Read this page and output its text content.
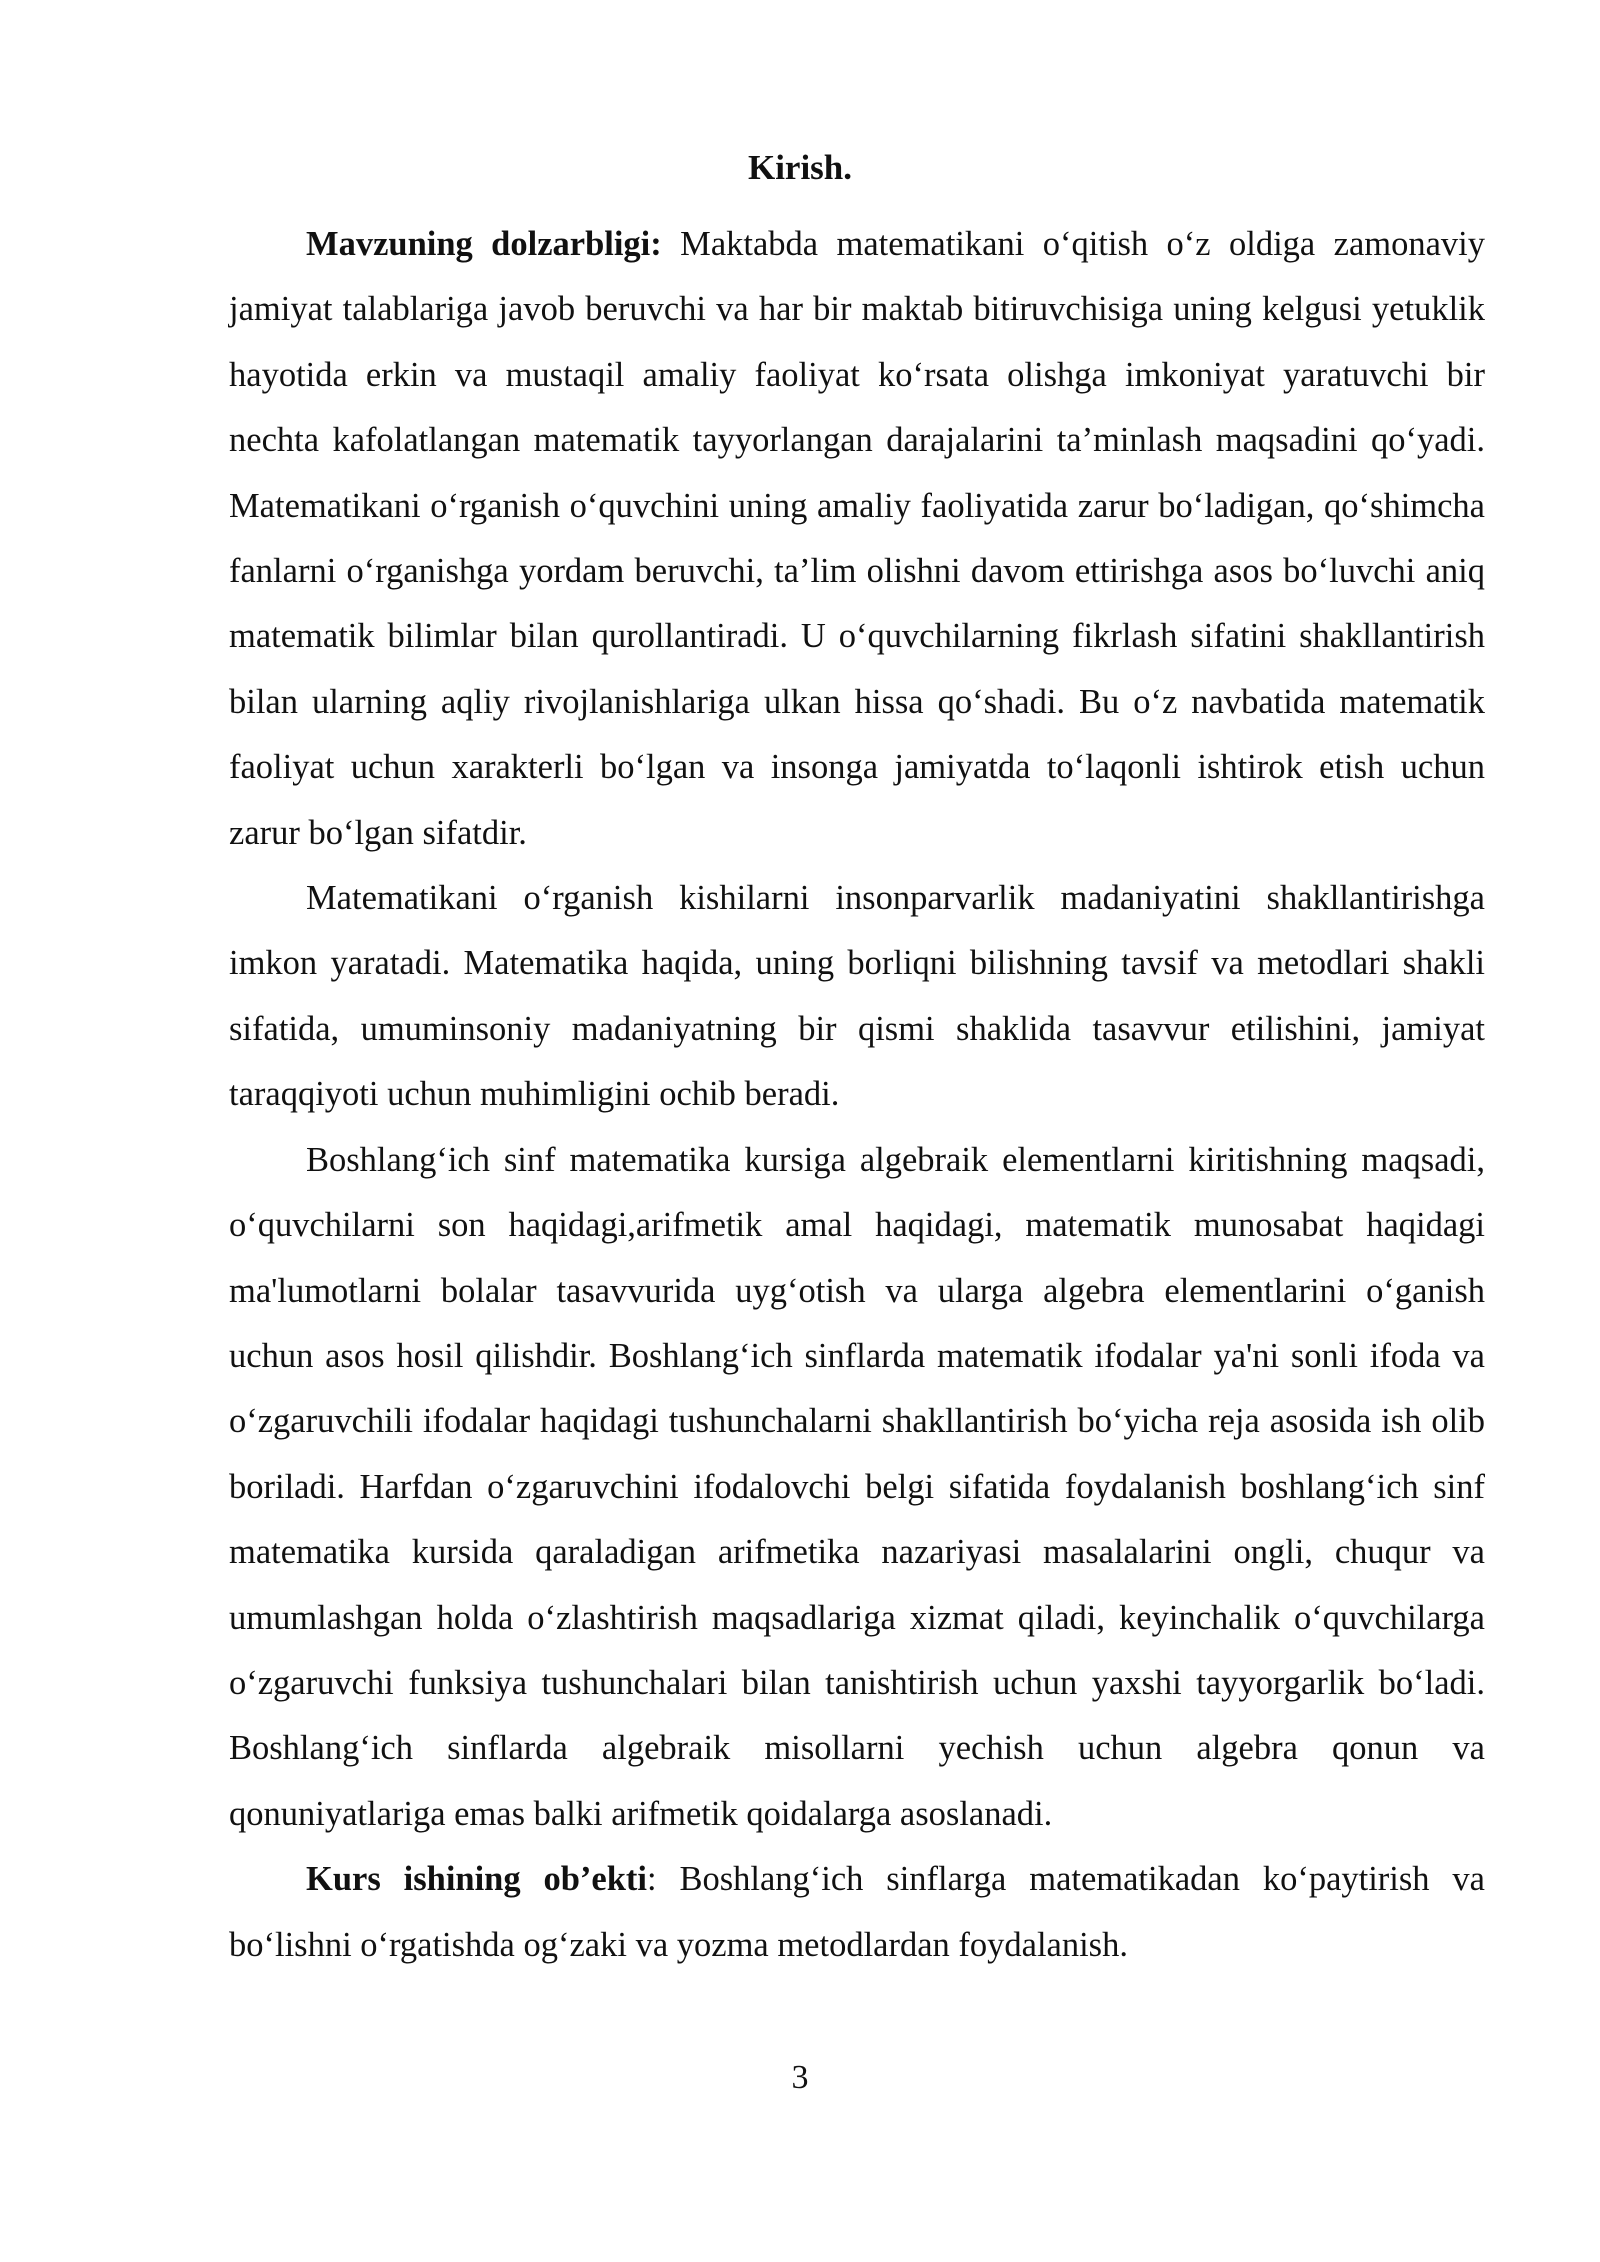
Kirish.

Mavzuning dolzarbligi: Maktabda matematikani o‘qitish o‘z oldiga zamonaviy jamiyat talablariga javob beruvchi va har bir maktab bitiruvchisiga uning kelgusi yetuklik hayotida erkin va mustaqil amaliy faoliyat ko‘rsata olishga imkoniyat yaratuvchi bir nechta kafolatlangan matematik tayyorlangan darajalarini ta’minlash maqsadini qo‘yadi. Matematikani o‘rganish o‘quvchini uning amaliy faoliyatida zarur bo‘ladigan, qo‘shimcha fanlarni o‘rganishga yordam beruvchi, ta’lim olishni davom ettirishga asos bo‘luvchi aniq matematik bilimlar bilan qurollantiradi. U o‘quvchilarning fikrlash sifatini shakllantirish bilan ularning aqliy rivojlanishlariga ulkan hissa qo‘shadi. Bu o‘z navbatida matematik faoliyat uchun xarakterli bo‘lgan va insonga jamiyatda to‘laqonli ishtirok etish uchun zarur bo‘lgan sifatdir.

Matematikani o‘rganish kishilarni insonparvarlik madaniyatini shakllantirishga imkon yaratadi. Matematika haqida, uning borliqni bilishning tavsif va metodlari shakli sifatida, umuminsoniy madaniyatning bir qismi shaklida tasavvur etilishini, jamiyat taraqqiyoti uchun muhimligini ochib beradi.

Boshlang‘ich sinf matematika kursiga algebraik elementlarni kiritishning maqsadi, o‘quvchilarni son haqidagi,arifmetik amal haqidagi, matematik munosabat haqidagi ma'lumotlarni bolalar tasavvurida uyg‘otish va ularga algebra elementlarini o‘ganish uchun asos hosil qilishdir. Boshlang‘ich sinflarda matematik ifodalar ya'ni sonli ifoda va o‘zgaruvchili ifodalar haqidagi tushunchalarni shakllantirish bo‘yicha reja asosida ish olib boriladi. Harfdan o‘zgaruvchini ifodalovchi belgi sifatida foydalanish boshlang‘ich sinf matematika kursida qaraladigan arifmetika nazariyasi masalalarini ongli, chuqur va umumlashgan holda o‘zlashtirish maqsadlariga xizmat qiladi, keyinchalik o‘quvchilarga o‘zgaruvchi funksiya tushunchalari bilan tanishtirish uchun yaxshi tayyorgarlik bo‘ladi. Boshlang‘ich sinflarda algebraik misollarni yechish uchun algebra qonun va qonuniyatlariga emas balki arifmetik qoidalarga asoslanadi.

Kurs ishining ob’ekti: Boshlang‘ich sinflarga matematikadan ko‘paytirish va bo‘lishni o‘rgatishda og‘zaki va yozma metodlardan foydalanish.

3
